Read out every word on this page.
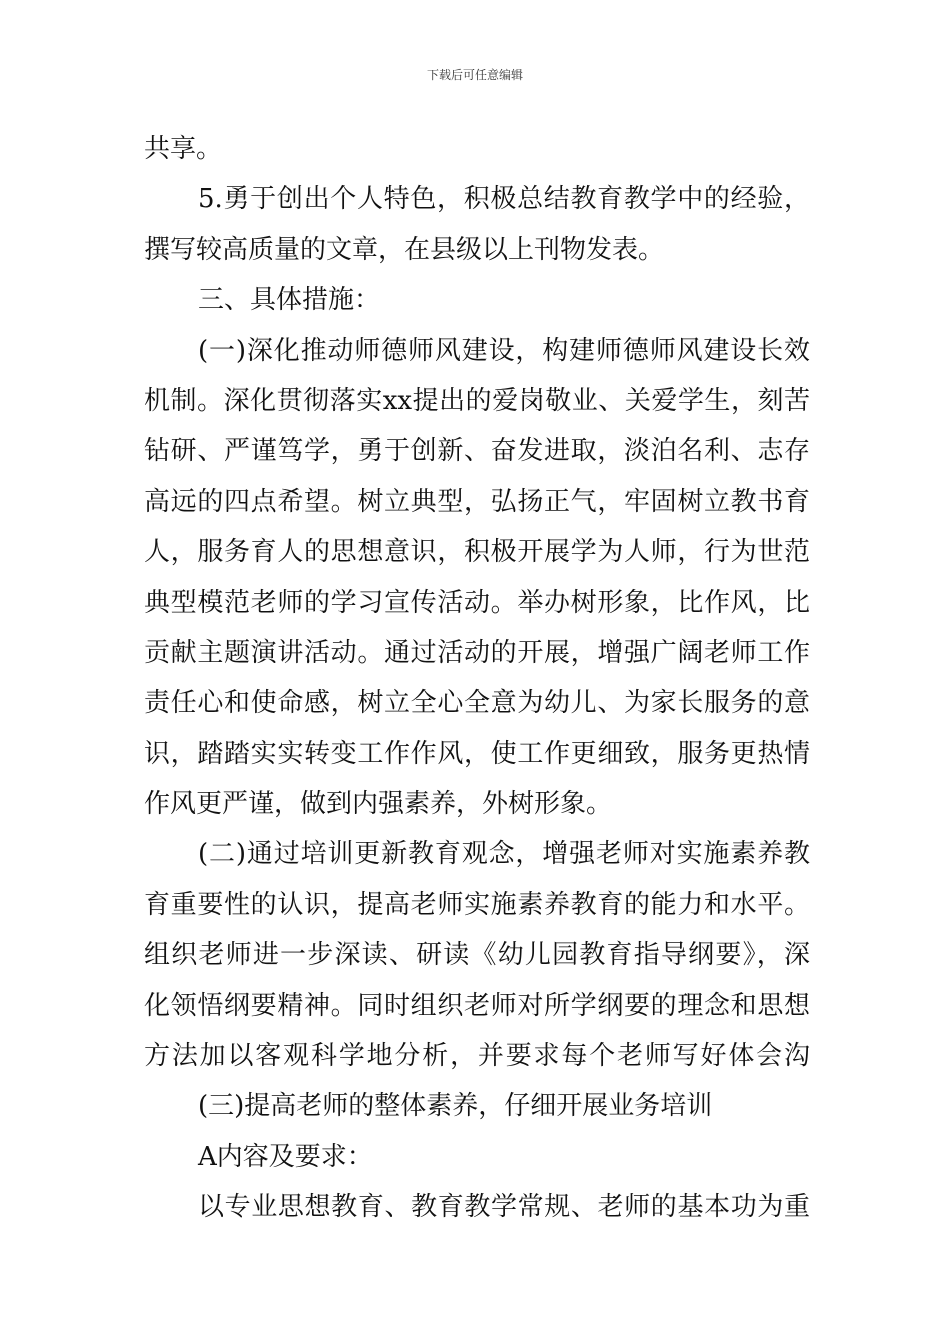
下载后可任意编辑
共享。
5.勇于创出个人特色，积极总结教育教学中的经验，
撰写较高质量的文章，在县级以上刊物发表。
三、具体措施：
(一)深化推动师德师风建设，构建师德师风建设长效
机制。深化贯彻落实xx提出的爱岗敬业、关爱学生，刻苦
钻研、严谨笃学，勇于创新、奋发进取，淡泊名利、志存
高远的四点希望。树立典型，弘扬正气，牢固树立教书育
人，服务育人的思想意识，积极开展学为人师，行为世范
典型模范老师的学习宣传活动。举办树形象，比作风，比
贡献主题演讲活动。通过活动的开展，增强广阔老师工作
责任心和使命感，树立全心全意为幼儿、为家长服务的意
识，踏踏实实转变工作作风，使工作更细致，服务更热情
作风更严谨，做到内强素养，外树形象。
(二)通过培训更新教育观念，增强老师对实施素养教
育重要性的认识，提高老师实施素养教育的能力和水平。
组织老师进一步深读、研读《幼儿园教育指导纲要》，深
化领悟纲要精神。同时组织老师对所学纲要的理念和思想
方法加以客观科学地分析，并要求每个老师写好体会沟
(三)提高老师的整体素养，仔细开展业务培训
A内容及要求：
以专业思想教育、教育教学常规、老师的基本功为重
